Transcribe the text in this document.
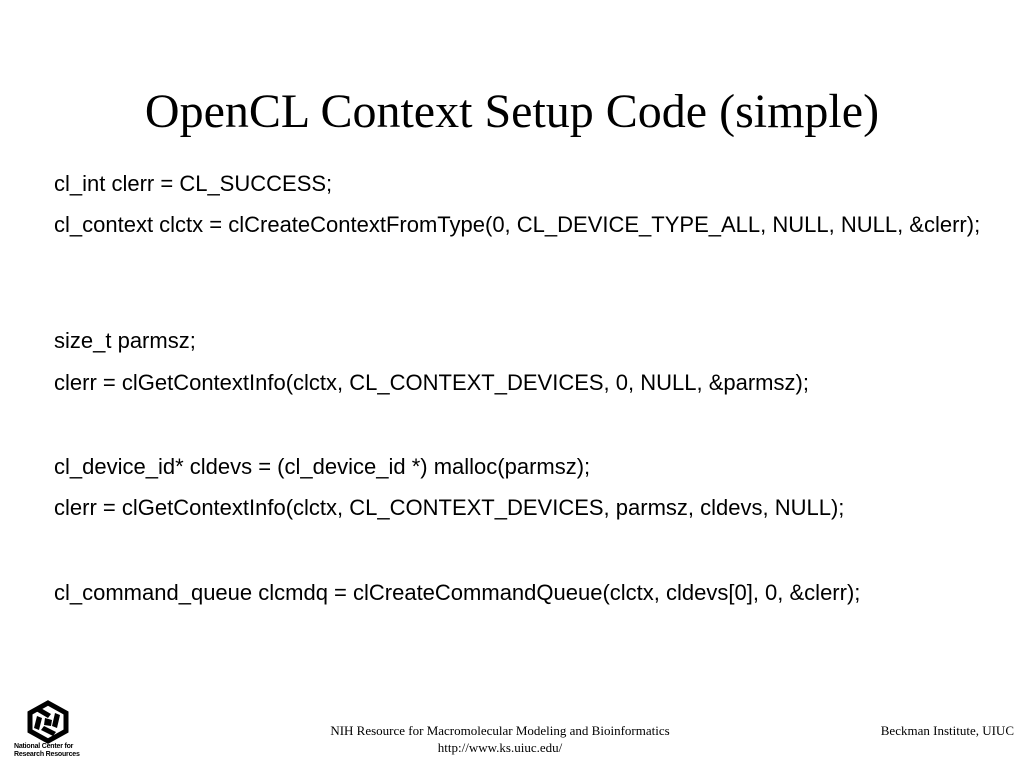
OpenCL Context Setup Code (simple)
cl_int clerr = CL_SUCCESS;
cl_context clctx = clCreateContextFromType(0, CL_DEVICE_TYPE_ALL, NULL, NULL, &clerr);
size_t parmsz;
clerr = clGetContextInfo(clctx, CL_CONTEXT_DEVICES, 0, NULL, &parmsz);
cl_device_id* cldevs = (cl_device_id *) malloc(parmsz);
clerr = clGetContextInfo(clctx, CL_CONTEXT_DEVICES, parmsz, cldevs, NULL);
cl_command_queue clcmdq = clCreateCommandQueue(clctx, cldevs[0], 0, &clerr);
National Center for
Research Resources
NIH Resource for Macromolecular Modeling and Bioinformatics
http://www.ks.uiuc.edu/
Beckman Institute, UIUC
